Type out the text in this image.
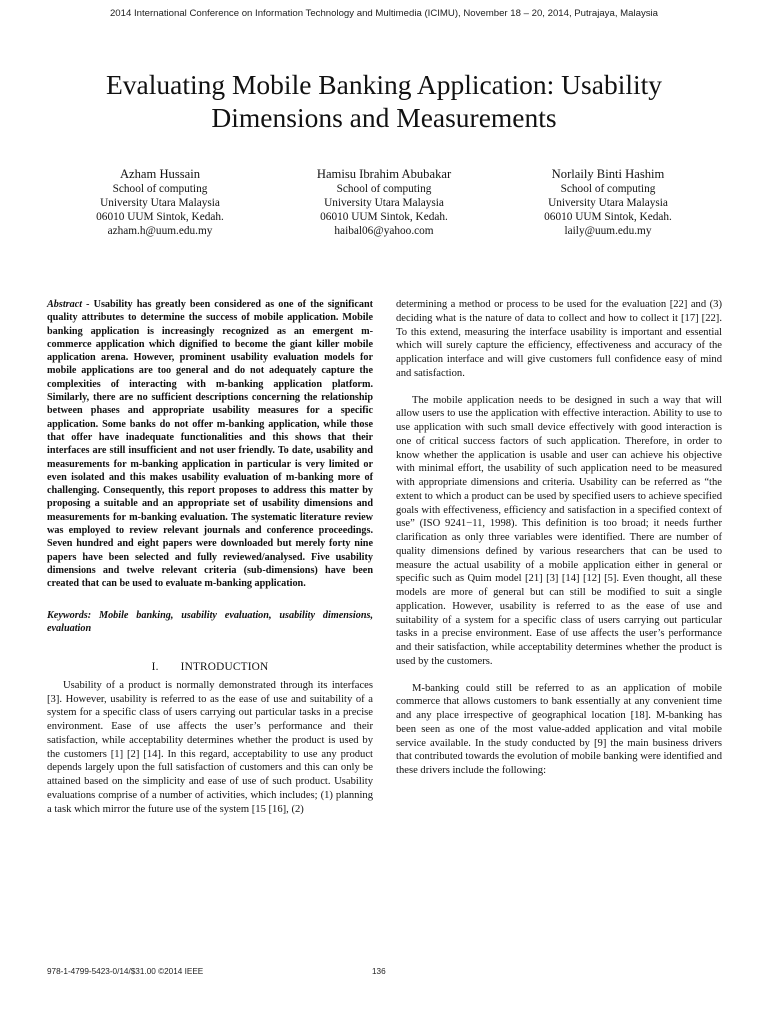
2014 International Conference on Information Technology and Multimedia (ICIMU), November 18 – 20, 2014, Putrajaya, Malaysia
Evaluating Mobile Banking Application: Usability
Dimensions and Measurements
Azham Hussain
School of computing
University Utara Malaysia
06010 UUM Sintok, Kedah.
azham.h@uum.edu.my
Hamisu Ibrahim Abubakar
School of computing
University Utara Malaysia
06010 UUM Sintok, Kedah.
haibal06@yahoo.com
Norlaily Binti Hashim
School of computing
University Utara Malaysia
06010 UUM Sintok, Kedah.
laily@uum.edu.my

Abstract - Usability has greatly been considered as one of the significant quality attributes to determine the success of mobile application. Mobile banking application is increasingly recognized as an emergent m-commerce application which dignified to become the giant killer mobile application arena. However, prominent usability evaluation models for mobile applications are too general and do not adequately capture the complexities of interacting with m-banking application platform. Similarly, there are no sufficient descriptions concerning the relationship between phases and appropriate usability measures for a specific application. Some banks do not offer m-banking application, while those that offer have inadequate functionalities and this shows that their interfaces are still insufficient and not user friendly. To date, usability and measurements for m-banking application in particular is very limited or even isolated and this makes usability evaluation of m-banking more of challenging. Consequently, this report proposes to address this matter by proposing a suitable and an appropriate set of usability dimensions and measurements for m-banking evaluation. The systematic literature review was employed to review relevant journals and conference proceedings. Seven hundred and eight papers were downloaded but merely forty nine papers have been selected and fully reviewed/analysed. Five usability dimensions and twelve relevant criteria (sub-dimensions) have been created that can be used to evaluate m-banking application.

Keywords: Mobile banking, usability evaluation, usability dimensions, evaluation

I. INTRODUCTION

Usability of a product is normally demonstrated through its interfaces [3]. However, usability is referred to as the ease of use and suitability of a system for a specific class of users carrying out particular tasks in a precise environment. Ease of use affects the user’s performance and their satisfaction, while acceptability determines whether the product is used by the customers [1] [2] [14]. In this regard, acceptability to use any product depends largely upon the full satisfaction of customers and this can only be attained based on the simplicity and ease of use of such product. Usability evaluations comprise of a number of activities, which includes; (1) planning a task which mirror the future use of the system [15 [16], (2)

determining a method or process to be used for the evaluation [22] and (3) deciding what is the nature of data to collect and how to collect it [17] [22]. To this extend, measuring the interface usability is important and essential which will surely capture the efficiency, effectiveness and accuracy of the application interface and will give customers full confidence easy of mind and satisfaction.

The mobile application needs to be designed in such a way that will allow users to use the application with effective interaction. Ability to use to use application with such small device effectively with good interaction is one of critical success factors of such application. Therefore, in order to know whether the application is usable and user can achieve his objective with minimal effort, the usability of such application need to be measured with appropriate dimensions and criteria. Usability can be referred as “the extent to which a product can be used by specified users to achieve specified goals with effectiveness, efficiency and satisfaction in a specified context of use” (ISO 9241−11, 1998). This definition is too broad; it needs further clarification as only three variables were identified. There are number of quality dimensions defined by various researchers that can be used to measure the actual usability of a mobile application either in general or specific such as Quim model [21] [3] [14] [12] [5]. Even thought, all these models are more of general but can still be modified to suit a single application. However, usability is referred to as the ease of use and suitability of a system for a specific class of users carrying out particular tasks in a precise environment. Ease of use affects the user’s performance and their satisfaction, while acceptability determines whether the product is used by the customers.

M-banking could still be referred to as an application of mobile commerce that allows customers to bank essentially at any convenient time and any place irrespective of geographical location [18]. M-banking has been seen as one of the most value-added application and vital mobile service available. In the study conducted by [9] the main business drivers that contributed towards the evolution of mobile banking were identified and these drivers include the following:

978-1-4799-5423-0/14/$31.00 ©2014 IEEE	136
